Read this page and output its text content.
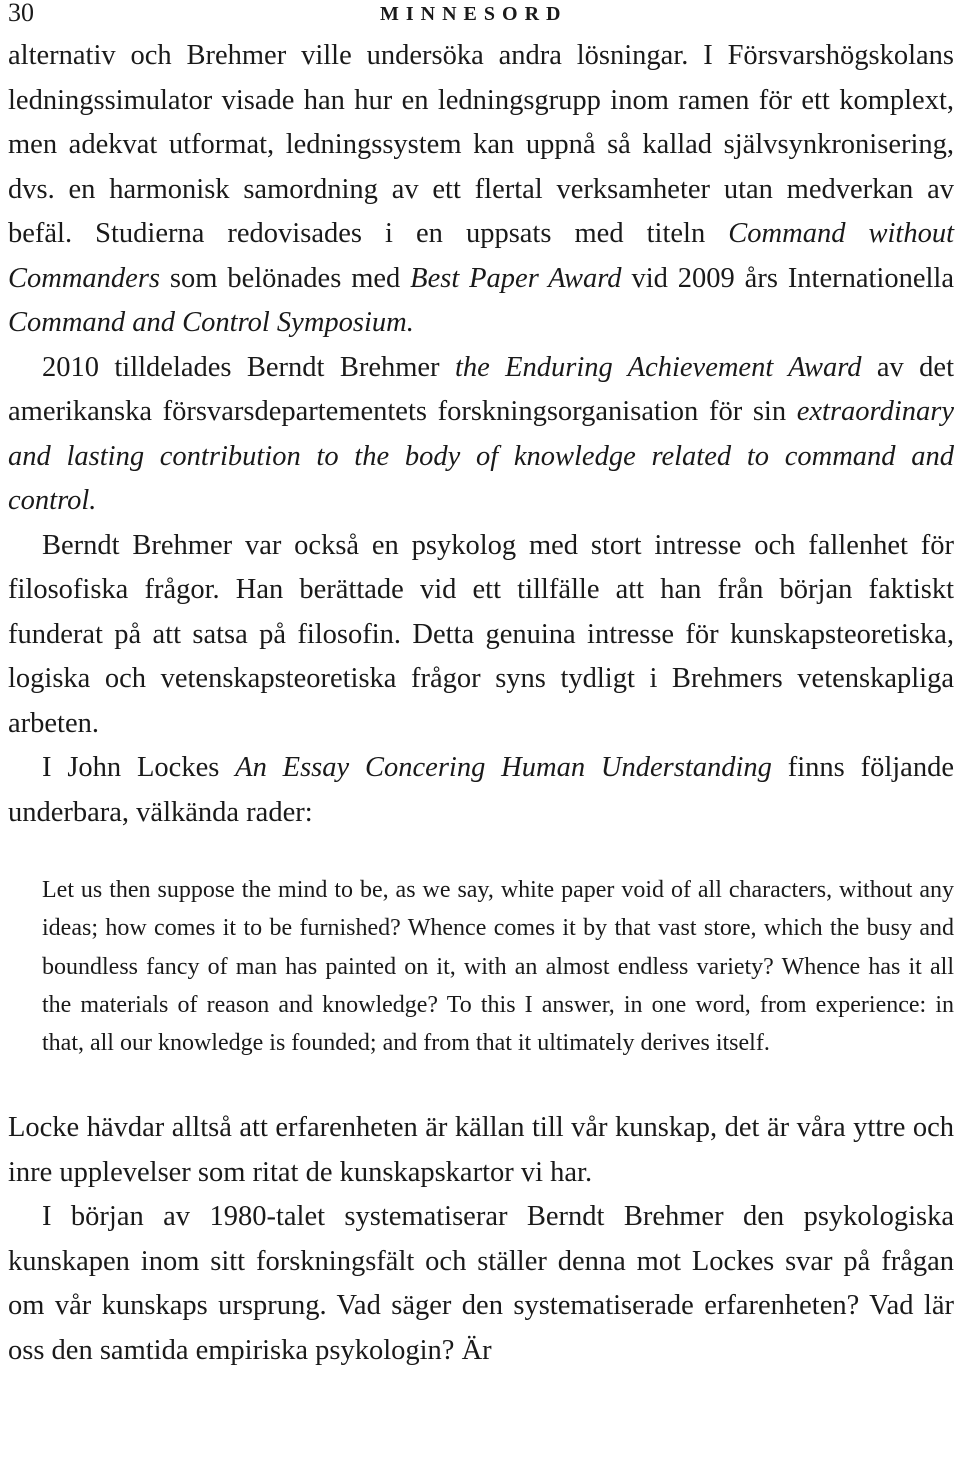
30	MINNESORD

alternativ och Brehmer ville undersöka andra lösningar. I Försvarshögskolans ledningssimulator visade han hur en ledningsgrupp inom ramen för ett komplext, men adekvat utformat, ledningssystem kan uppnå så kallad självsynkronisering, dvs. en harmonisk samordning av ett flertal verksamheter utan medverkan av befäl. Studierna redovisades i en uppsats med titeln Command without Commanders som belönades med Best Paper Award vid 2009 års Internationella Command and Control Symposium.

2010 tilldelades Berndt Brehmer the Enduring Achievement Award av det amerikanska försvarsdepartementets forskningsorganisation för sin extraordinary and lasting contribution to the body of knowledge related to command and control.

Berndt Brehmer var också en psykolog med stort intresse och fallenhet för filosofiska frågor. Han berättade vid ett tillfälle att han från början faktiskt funderat på att satsa på filosofin. Detta genuina intresse för kunskapsteoretiska, logiska och vetenskapsteoretiska frågor syns tydligt i Brehmers vetenskapliga arbeten.

I John Lockes An Essay Concering Human Understanding finns följande underbara, välkända rader:

Let us then suppose the mind to be, as we say, white paper void of all characters, without any ideas; how comes it to be furnished? Whence comes it by that vast store, which the busy and boundless fancy of man has painted on it, with an almost endless variety? Whence has it all the materials of reason and knowledge? To this I answer, in one word, from experience: in that, all our knowledge is founded; and from that it ultimately derives itself.

Locke hävdar alltså att erfarenheten är källan till vår kunskap, det är våra yttre och inre upplevelser som ritat de kunskapskartor vi har.

I början av 1980-talet systematiserar Berndt Brehmer den psykologiska kunskapen inom sitt forskningsfält och ställer denna mot Lockes svar på frågan om vår kunskaps ursprung. Vad säger den systematiserade erfarenheten? Vad lär oss den samtida empiriska psykologin? Är
